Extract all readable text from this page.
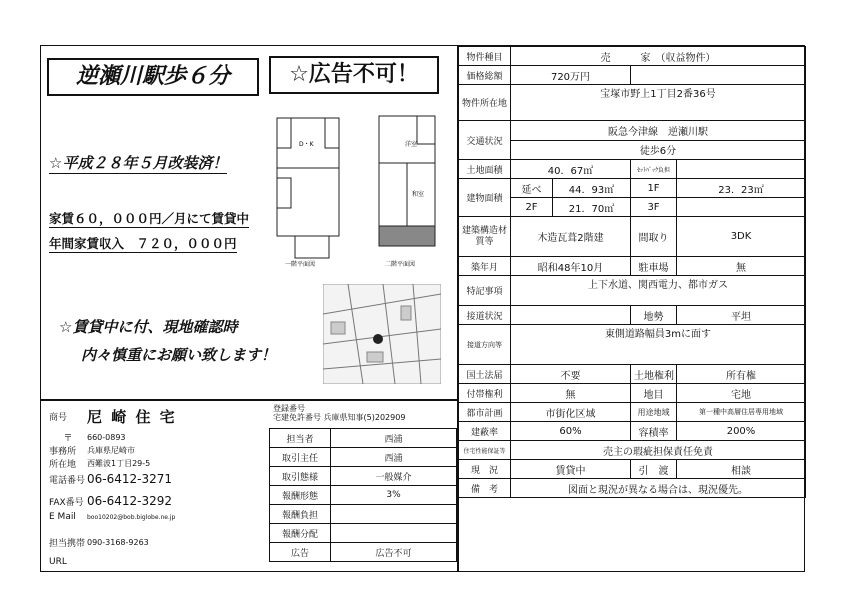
逆瀬川駅歩６分	☆広告不可！
☆平成２８年５月改装済！
家賃６０，０００円／月にて賃貸中
年間家賃収入　７２０，０００円
☆賃貸中に付、現地確認時
内々慎重にお願い致します！
D・K	洋室
和室
一階平面図	二階平面図
商号	尼 崎 住 宅
〒	660-0893
事務所	兵庫県尼崎市
所在地	西難波1丁目29-5
電話番号 06-6412-3271
FAX番号 06-6412-3292
E Mail	boo10202@bob.biglobe.ne.jp
担当携帯 090-3168-9263
URL
登録番号
宅建免許番号 兵庫県知事(5)202909
担当者	西浦
取引主任	西浦
取引態様	一般媒介
報酬形態	3%
報酬負担	
報酬分配	
広告	広告不可
物件種目	売　　　家　（収益物件）			
価格総額	720万円			
物件所在地	宝塚市野上1丁目2番36号			
交通状況	阪急今津線　逆瀬川駅			
	徒歩6分			
土地面積	40．67㎡		ｾｯﾄﾊﾞｯｸ負担	
建物面積	延べ	44．93㎡	1F	23．23㎡
	2F	21．70㎡	3F	
建築構造材質等	木造瓦葺2階建		間取り	3DK
築年月	昭和48年10月		駐車場	無
特記事項	上下水道、関西電力、都市ガス			
接道状況			地勢	平坦
接道方向等	東側道路幅員3mに面す			
国土法届	不要		土地権利	所有権
付帯権利	無		地目	宅地
都市計画	市街化区域		用途地域	第一種中高層住居専用地域
建蔽率	60%		容積率	200%
住宅性能保証等	売主の瑕疵担保責任免責			
現　況	賃貸中		引　渡	相談
備　考	図面と現況が異なる場合は、現況優先。			
